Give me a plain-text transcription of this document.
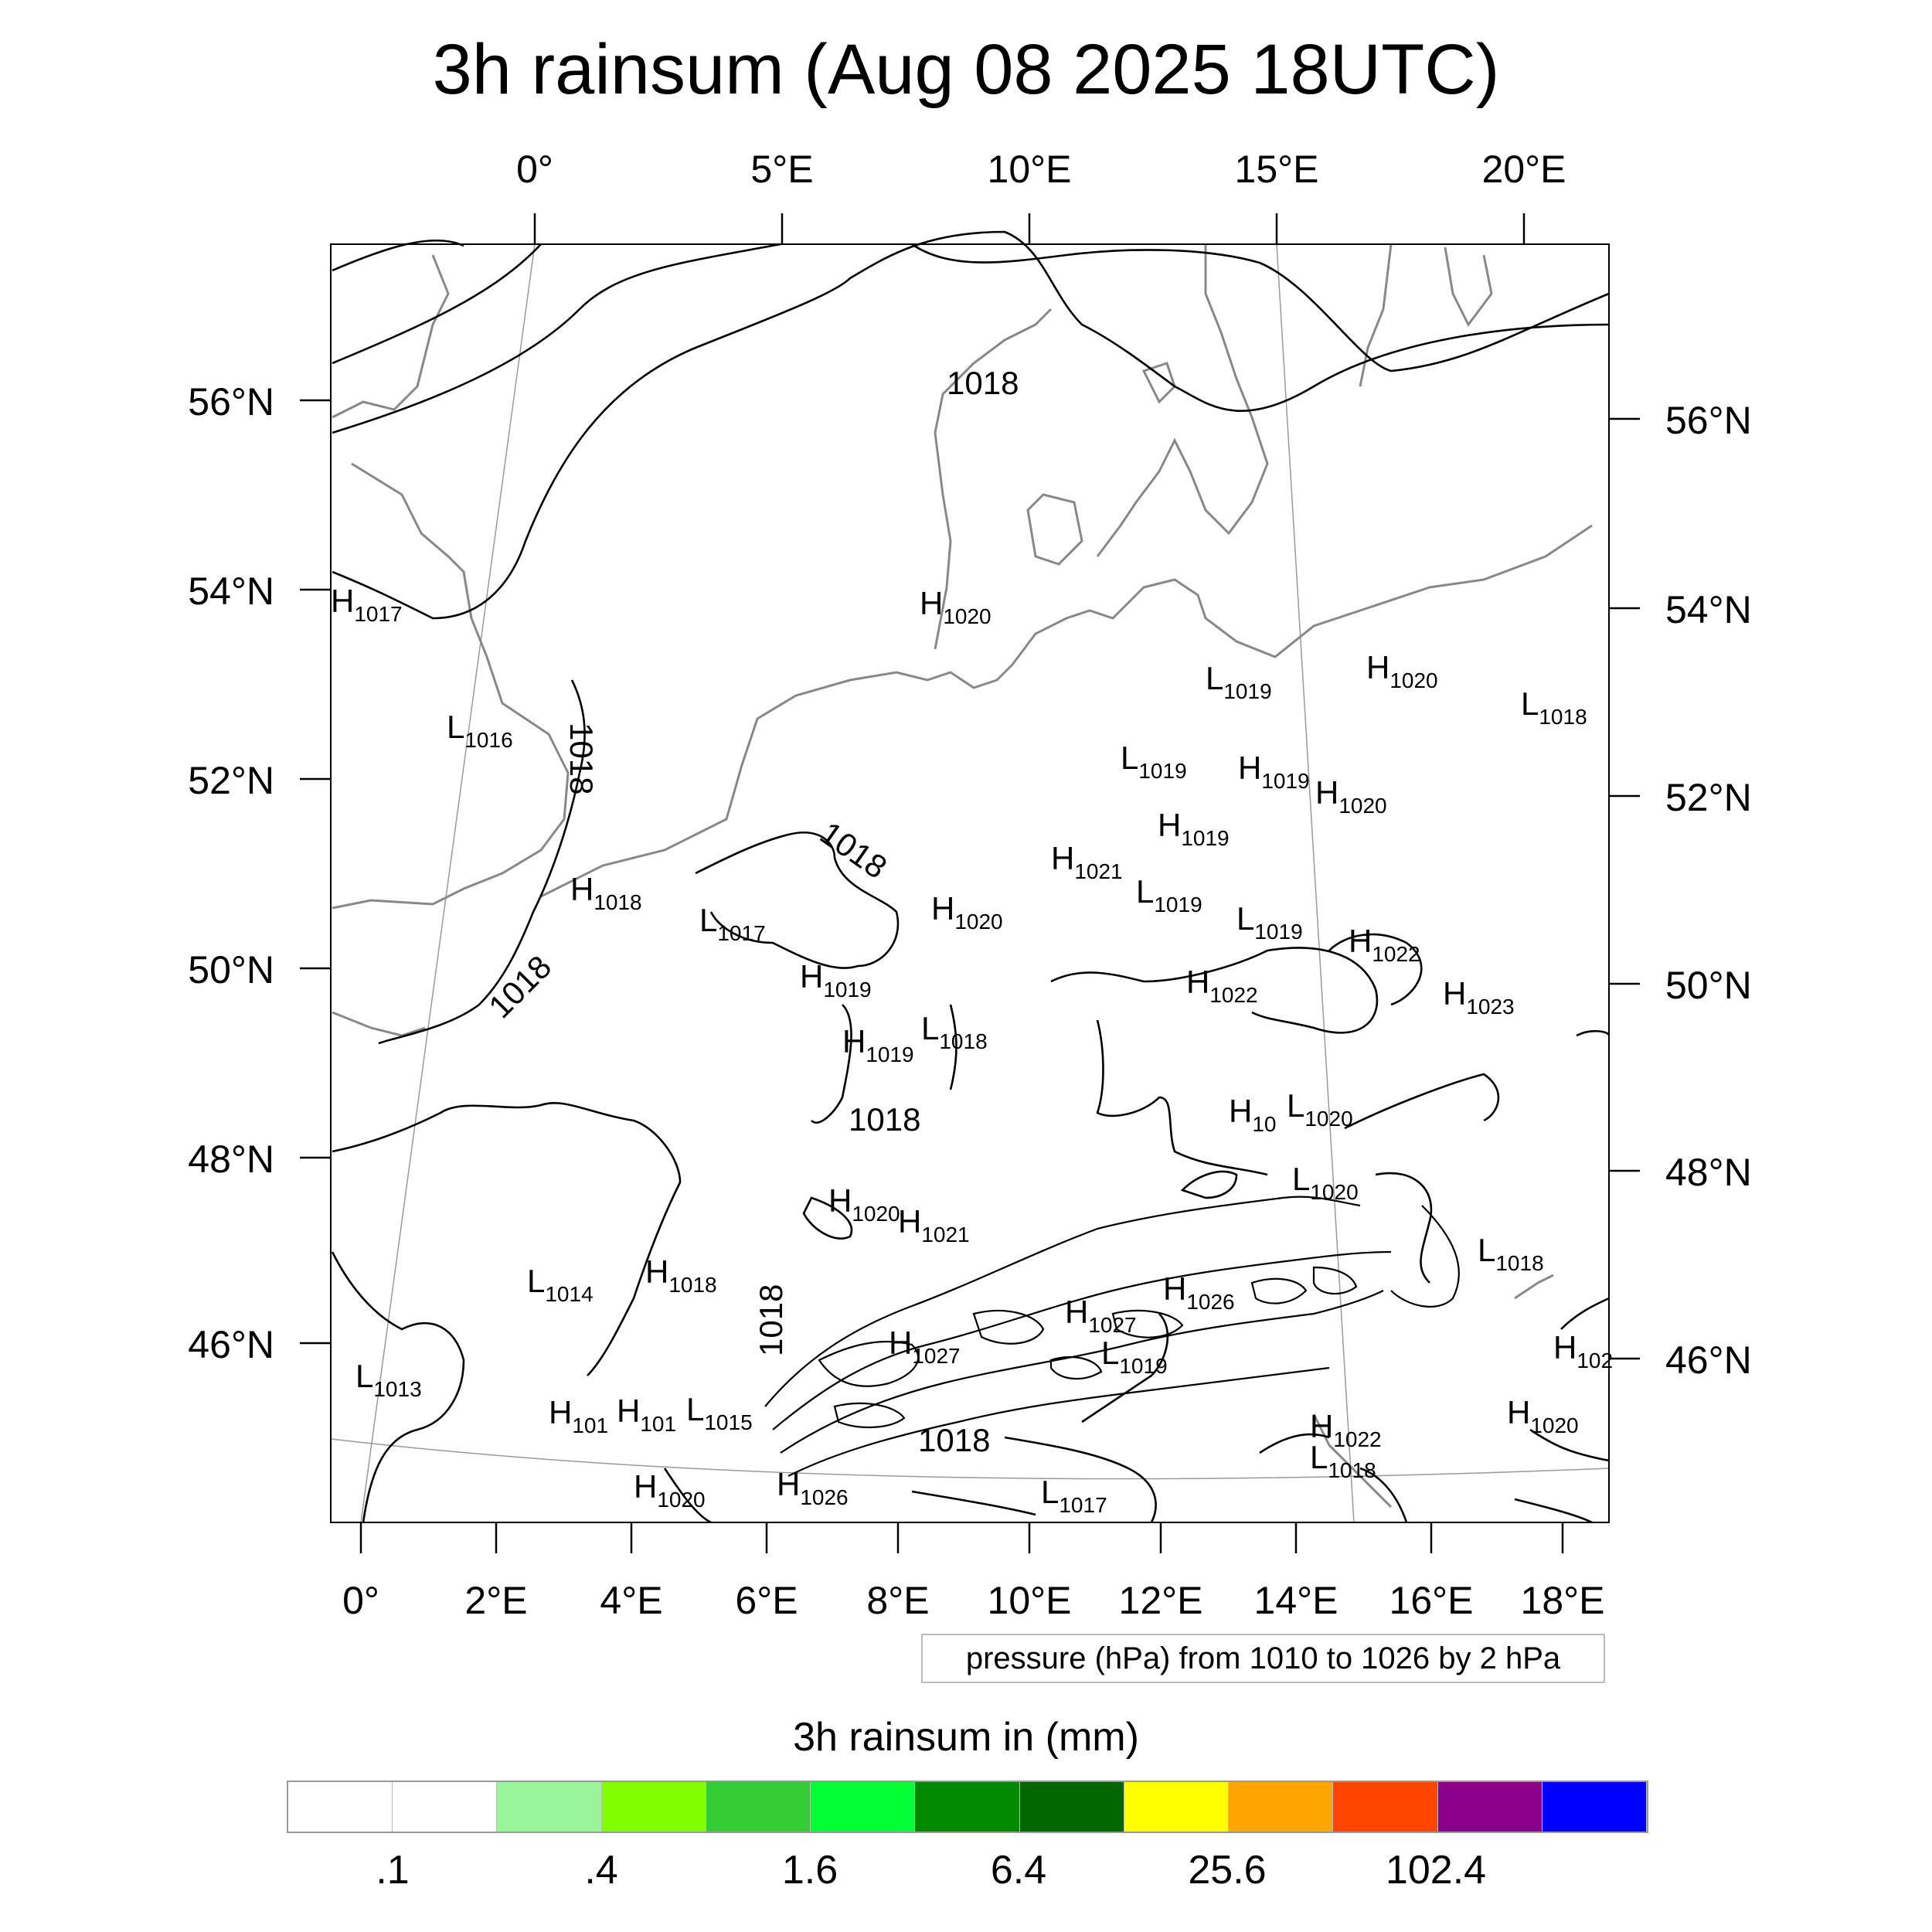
3h rainsum (Aug 08 2025 18UTC)
0°	5°E	10°E	15°E	20°E
0° 2°E 4°E 6°E 8°E 10°E 12°E 14°E 16°E 18°E
56°N
54°N
52°N
50°N
48°N
46°N
56°N
54°N
52°N
50°N
48°N
46°N
1018
1018
1018
1018
1018
1018
1018
$H_{1017}$	$H_{1020}$
$L_{1016}$
$L_{1019}$
$H_{1020}$
$L_{1018}$
$L_{1019}$ $H_{1019}$ $H_{1020}$
$H_{1019}$
$H_{1021}$
$H_{1018}$ $L_{1017}$
$H_{1020}$
$L_{1019}$ $L_{1019}$ $H_{1022}$
$H_{1019}$	$H_{1022}$	$H_{1023}$
$L_{1018}$
$H_{1019}$
$H_{10}$
$L_{1020}$
$L_{1020}$
$H_{1020}$
$H_{1021}$	$L_{1018}$
$L_{1014}$
$H_{1018}$	$H_{1026}$
$H_{1027}$
$H_{1027}$	$L_{1019}$
$L_{1013}$
$H_{101}$ $H_{101}$ $L_{1015}$	$H_{1022}$
$L_{1018}$
$H_{1020}$ $H_{1026}$	$L_{1017}$
$H_{102}$
$H_{1020}$
pressure (hPa) from 1010 to 1026 by 2 hPa
3h rainsum in (mm)
.1	.4	1.6	6.4	25.6	102.4
